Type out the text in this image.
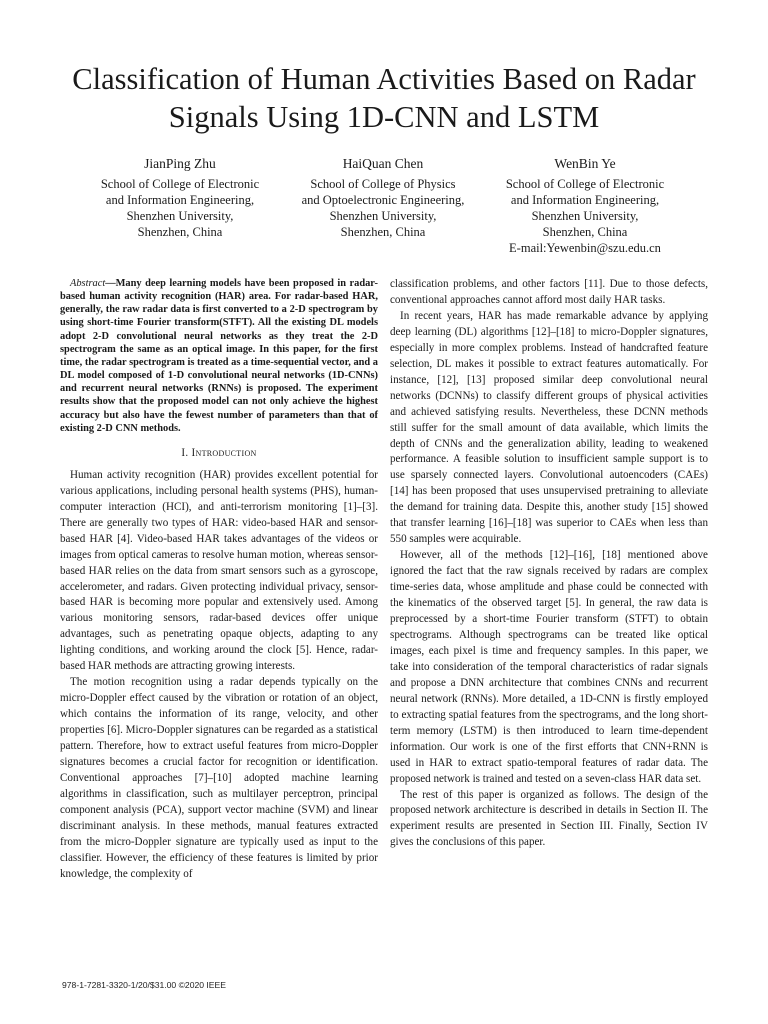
Classification of Human Activities Based on Radar Signals Using 1D-CNN and LSTM
JianPing Zhu
School of College of Electronic
and Information Engineering,
Shenzhen University,
Shenzhen, China
HaiQuan Chen
School of College of Physics
and Optoelectronic Engineering,
Shenzhen University,
Shenzhen, China
WenBin Ye
School of College of Electronic
and Information Engineering,
Shenzhen University,
Shenzhen, China
E-mail:Yewenbin@szu.edu.cn

Abstract—Many deep learning models have been proposed in radar-based human activity recognition (HAR) area. For radar-based HAR, generally, the raw radar data is first converted to a 2-D spectrogram by using short-time Fourier transform(STFT). All the existing DL models adopt 2-D convolutional neural networks as they treat the 2-D spectrogram the same as an optical image. In this paper, for the first time, the radar spectrogram is treated as a time-sequential vector, and a DL model composed of 1-D convolutional neural networks (1D-CNNs) and recurrent neural networks (RNNs) is proposed. The experiment results show that the proposed model can not only achieve the highest accuracy but also have the fewest number of parameters than that of existing 2-D CNN methods.

I. Introduction

Human activity recognition (HAR) provides excellent potential for various applications, including personal health systems (PHS), human-computer interaction (HCI), and anti-terrorism monitoring [1]–[3]. There are generally two types of HAR: video-based HAR and sensor-based HAR [4]. Video-based HAR takes advantages of the videos or images from optical cameras to resolve human motion, whereas sensor-based HAR relies on the data from smart sensors such as a gyroscope, accelerometer, and radars. Given protecting individual privacy, sensor-based HAR is becoming more popular and extensively used. Among various monitoring sensors, radar-based devices offer unique advantages, such as penetrating opaque objects, adapting to any lighting conditions, and working around the clock [5]. Hence, radar-based HAR methods are attracting growing interests.

The motion recognition using a radar depends typically on the micro-Doppler effect caused by the vibration or rotation of an object, which contains the information of its range, velocity, and other properties [6]. Micro-Doppler signatures can be regarded as a statistical pattern. Therefore, how to extract useful features from micro-Doppler signatures becomes a crucial factor for recognition or identification. Conventional approaches [7]–[10] adopted machine learning algorithms in classification, such as multilayer perceptron, principal component analysis (PCA), support vector machine (SVM) and linear discriminant analysis. In these methods, manual features extracted from the micro-Doppler signature are typically used as input to the classifier. However, the efficiency of these features is limited by prior knowledge, the complexity of

classification problems, and other factors [11]. Due to those defects, conventional approaches cannot afford most daily HAR tasks.

In recent years, HAR has made remarkable advance by applying deep learning (DL) algorithms [12]–[18] to micro-Doppler signatures, especially in more complex problems. Instead of handcrafted feature selection, DL makes it possible to extract features automatically. For instance, [12], [13] proposed similar deep convolutional neural networks (DCNNs) to classify different groups of physical activities and achieved satisfying results. Nevertheless, these DCNN methods still suffer for the small amount of data available, which limits the depth of CNNs and the generalization ability, leading to weakened performance. A feasible solution to insufficient sample support is to use sparsely connected layers. Convolutional autoencoders (CAEs) [14] has been proposed that uses unsupervised pretraining to alleviate the demand for training data. Despite this, another study [15] showed that transfer learning [16]–[18] was superior to CAEs when less than 550 samples were acquirable.

However, all of the methods [12]–[16], [18] mentioned above ignored the fact that the raw signals received by radars are complex time-series data, whose amplitude and phase could be connected with the kinematics of the observed target [5]. In general, the raw data is preprocessed by a short-time Fourier transform (STFT) to obtain spectrograms. Although spectrograms can be treated like optical images, each pixel is time and frequency samples. In this paper, we take into consideration of the temporal characteristics of radar signals and propose a DNN architecture that combines CNNs and recurrent neural network (RNNs). More detailed, a 1D-CNN is firstly employed to extracting spatial features from the spectrograms, and the long short-term memory (LSTM) is then introduced to learn time-dependent information. Our work is one of the first efforts that CNN+RNN is used in HAR to extract spatio-temporal features of radar data. The proposed network is trained and tested on a seven-class HAR data set.

The rest of this paper is organized as follows. The design of the proposed network architecture is described in details in Section II. The experiment results are presented in Section III. Finally, Section IV gives the conclusions of this paper.

978-1-7281-3320-1/20/$31.00 ©2020 IEEE
